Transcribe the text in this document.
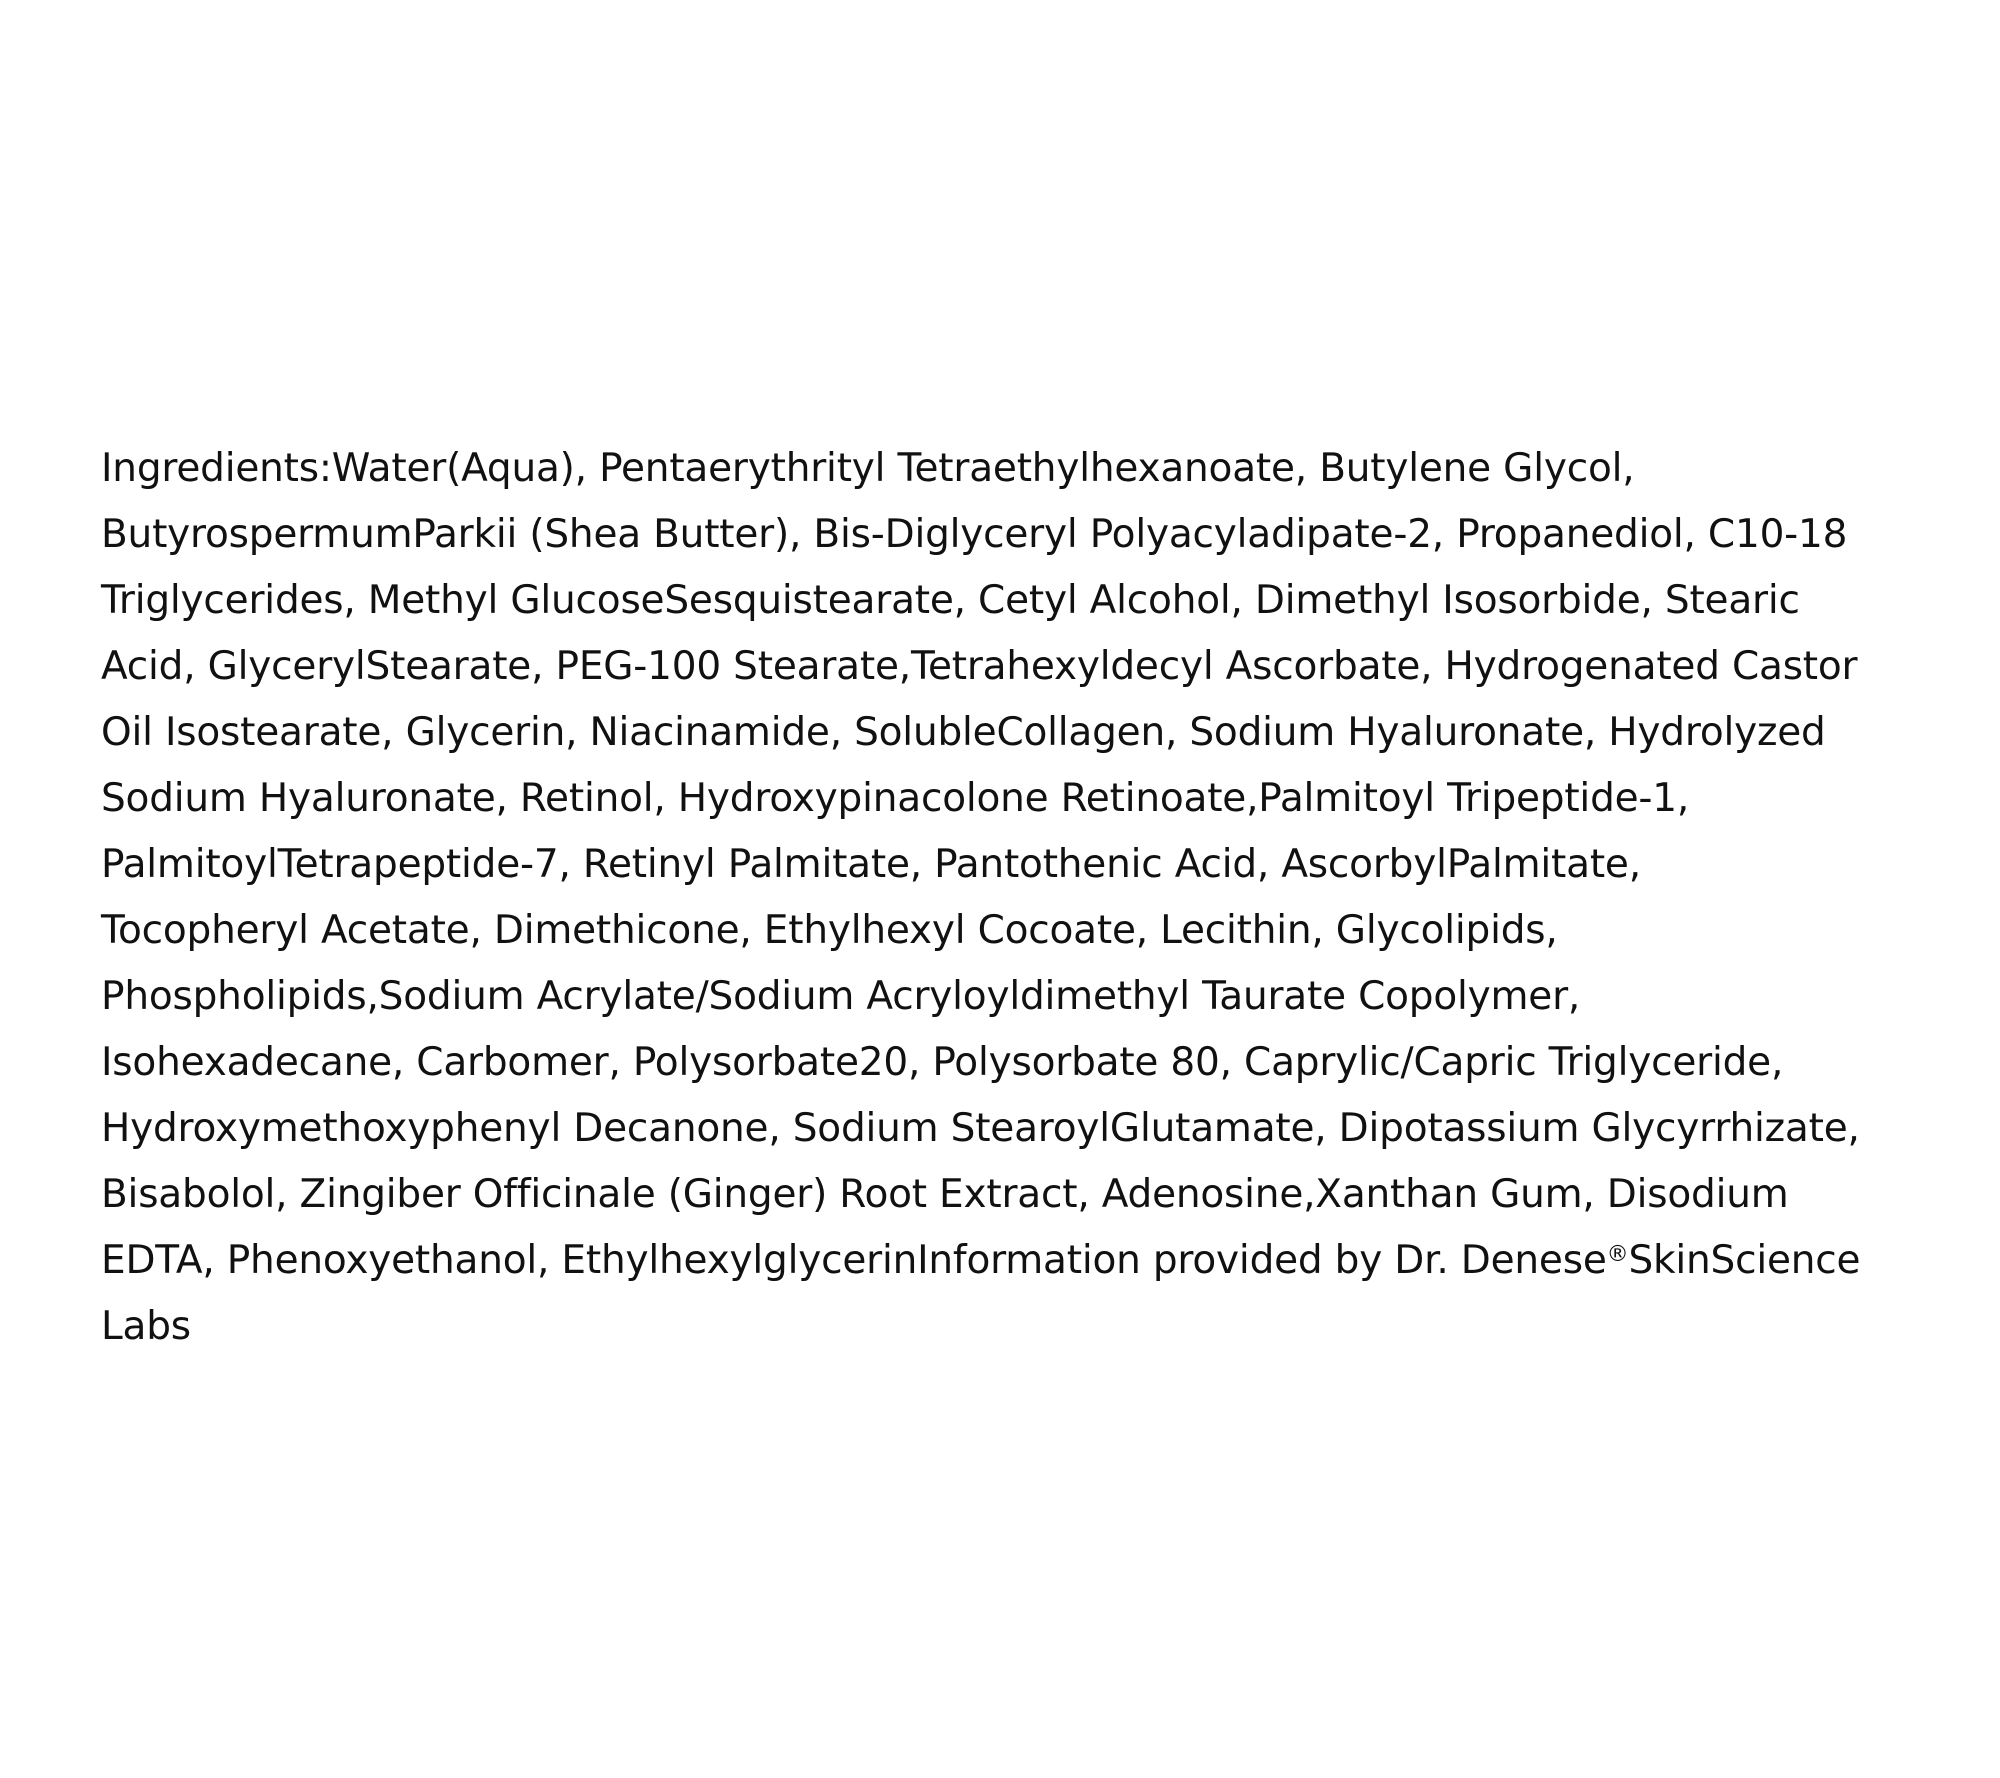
Ingredients:Water(Aqua), Pentaerythrityl Tetraethylhexanoate, Butylene Glycol,
ButyrospermumParkii (Shea Butter), Bis-Diglyceryl Polyacyladipate-2, Propanediol, C10-18
Triglycerides, Methyl GlucoseSesquistearate, Cetyl Alcohol, Dimethyl Isosorbide, Stearic
Acid, GlycerylStearate, PEG-100 Stearate,Tetrahexyldecyl Ascorbate, Hydrogenated Castor
Oil Isostearate, Glycerin, Niacinamide, SolubleCollagen, Sodium Hyaluronate, Hydrolyzed
Sodium Hyaluronate, Retinol, Hydroxypinacolone Retinoate,Palmitoyl Tripeptide-1,
PalmitoylTetrapeptide-7, Retinyl Palmitate, Pantothenic Acid, AscorbylPalmitate,
Tocopheryl Acetate, Dimethicone, Ethylhexyl Cocoate, Lecithin, Glycolipids,
Phospholipids,Sodium Acrylate/Sodium Acryloyldimethyl Taurate Copolymer,
Isohexadecane, Carbomer, Polysorbate20, Polysorbate 80, Caprylic/Capric Triglyceride,
Hydroxymethoxyphenyl Decanone, Sodium StearoylGlutamate, Dipotassium Glycyrrhizate,
Bisabolol, Zingiber Officinale (Ginger) Root Extract, Adenosine,Xanthan Gum, Disodium
EDTA, Phenoxyethanol, EthylhexylglycerinInformation provided by Dr. Denese®SkinScience
Labs
